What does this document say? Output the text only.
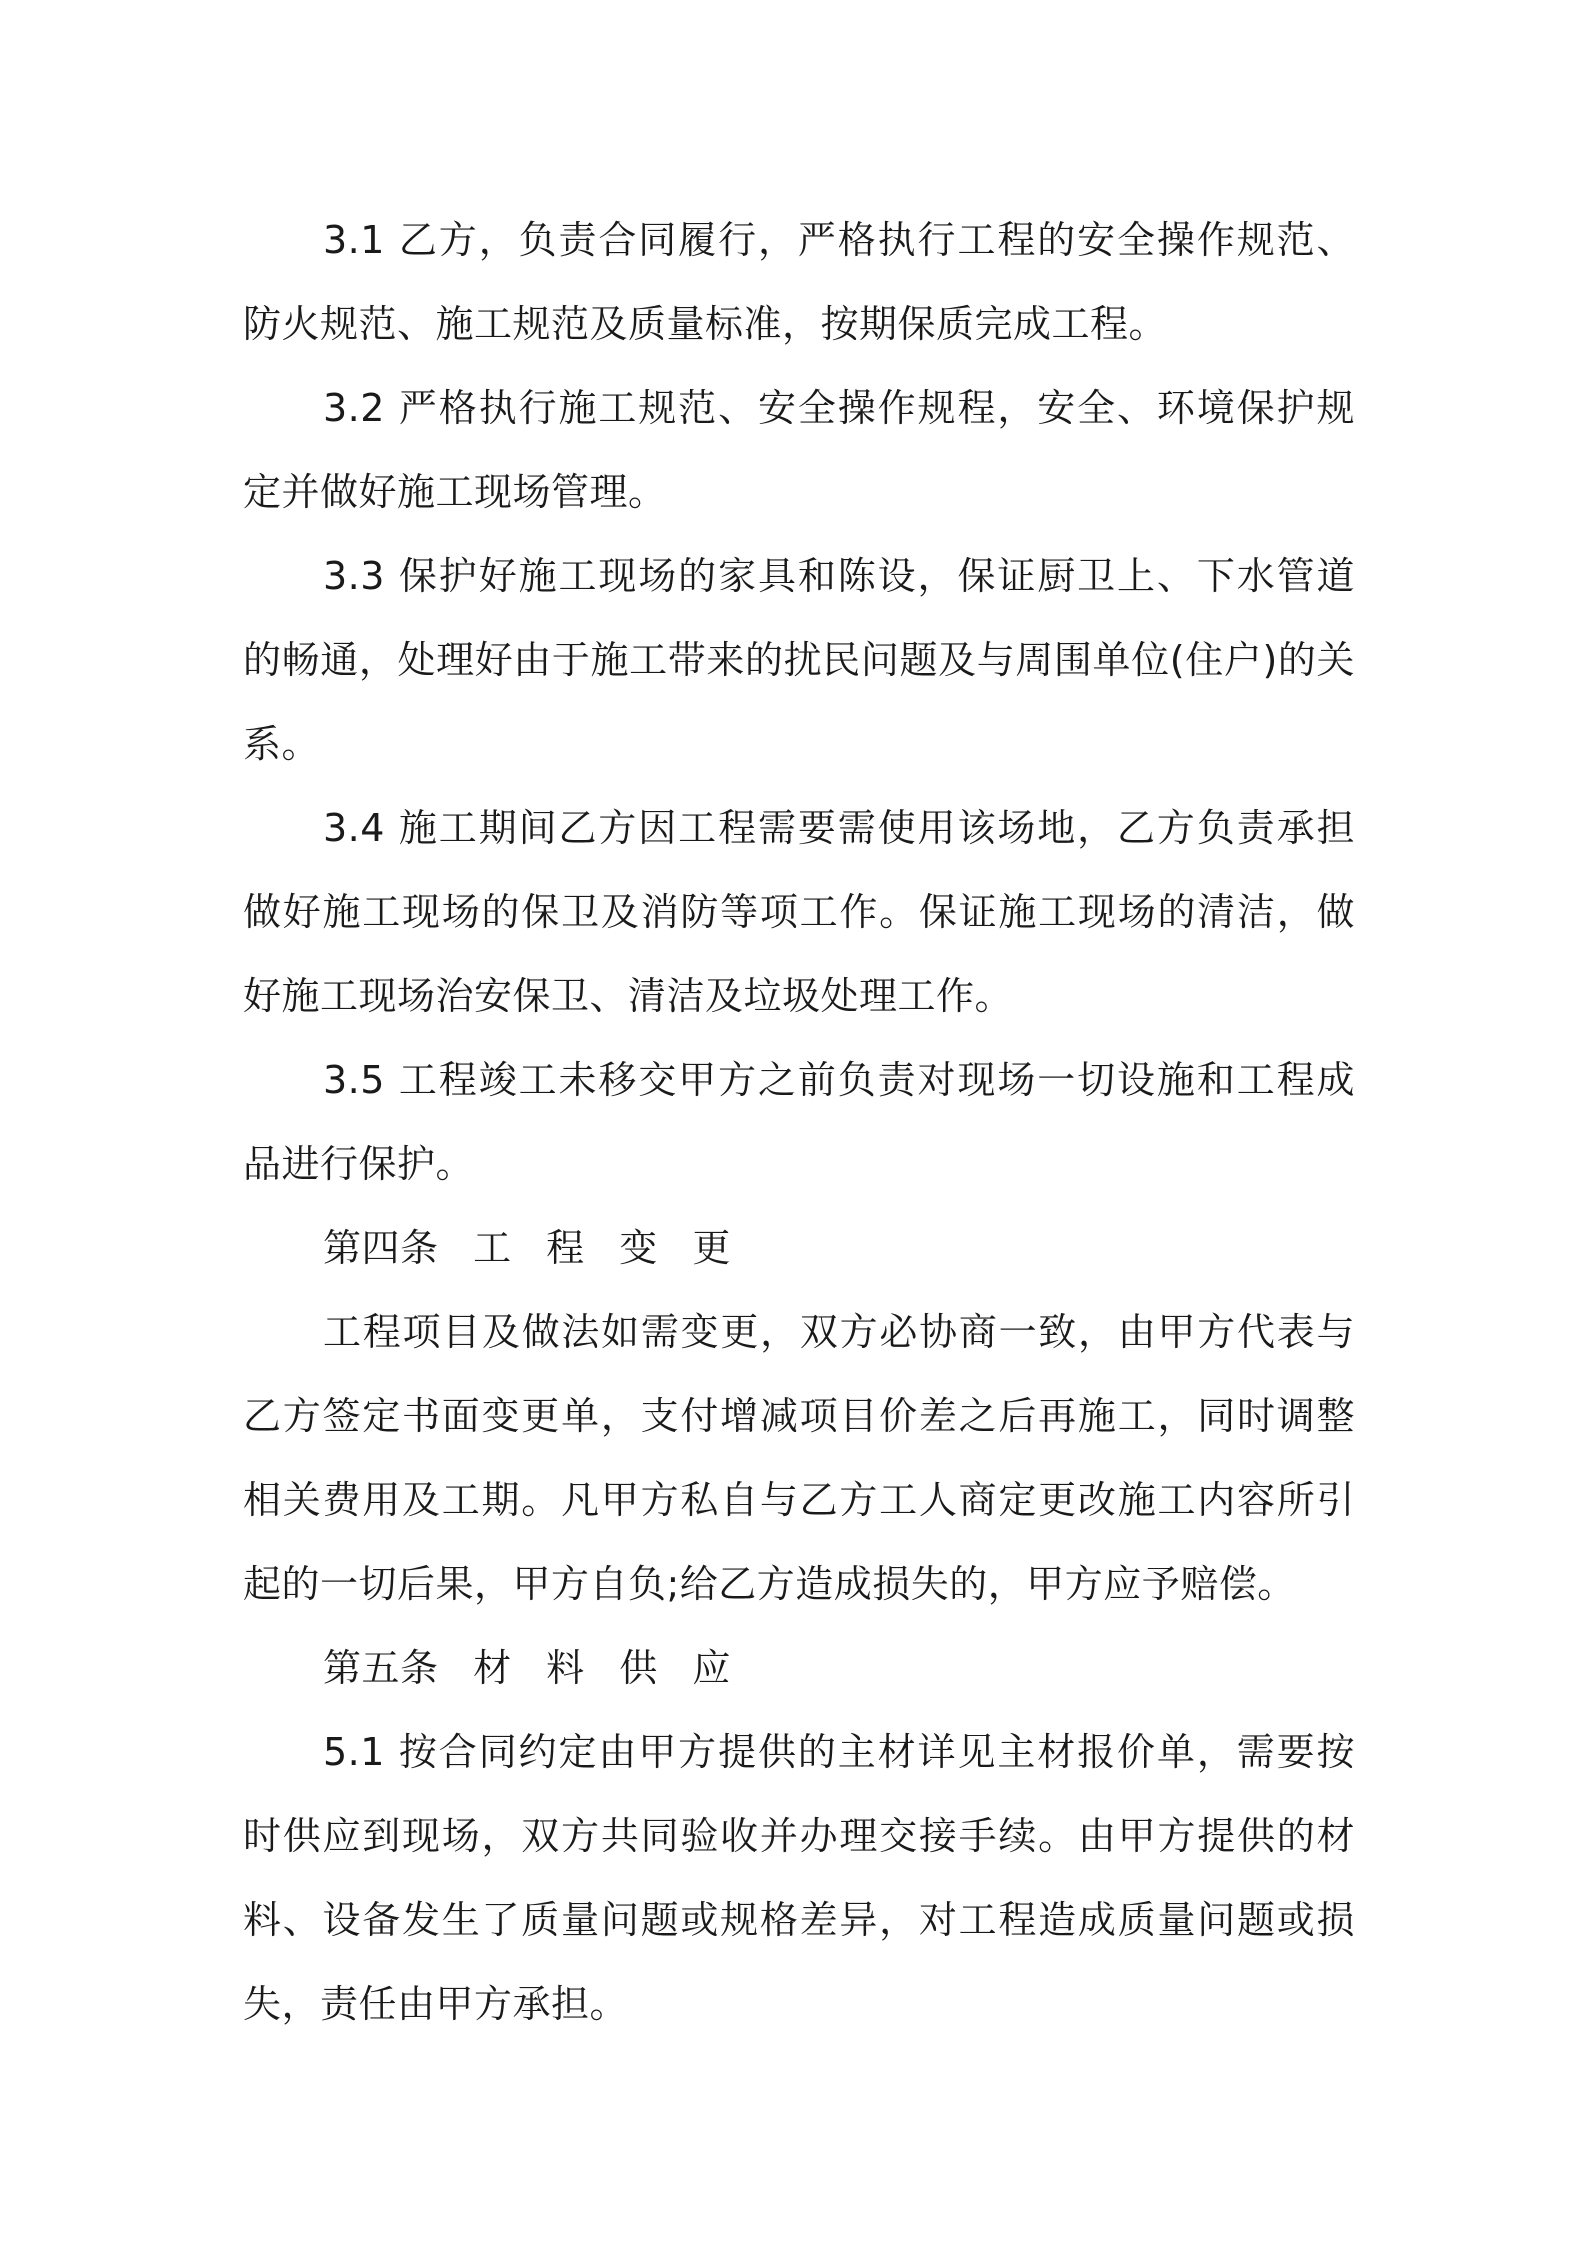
3.1 乙方，负责合同履行，严格执行工程的安全操作规范、防火规范、施工规范及质量标准，按期保质完成工程。

3.2 严格执行施工规范、安全操作规程，安全、环境保护规定并做好施工现场管理。

3.3 保护好施工现场的家具和陈设，保证厨卫上、下水管道的畅通，处理好由于施工带来的扰民问题及与周围单位(住户)的关系。

3.4 施工期间乙方因工程需要需使用该场地，乙方负责承担做好施工现场的保卫及消防等项工作。保证施工现场的清洁，做好施工现场治安保卫、清洁及垃圾处理工作。

3.5 工程竣工未移交甲方之前负责对现场一切设施和工程成品进行保护。

第四条 工 程 变 更

工程项目及做法如需变更，双方必协商一致，由甲方代表与乙方签定书面变更单，支付增减项目价差之后再施工，同时调整相关费用及工期。凡甲方私自与乙方工人商定更改施工内容所引起的一切后果，甲方自负;给乙方造成损失的，甲方应予赔偿。

第五条 材 料 供 应

5.1 按合同约定由甲方提供的主材详见主材报价单，需要按时供应到现场，双方共同验收并办理交接手续。由甲方提供的材料、设备发生了质量问题或规格差异，对工程造成质量问题或损失，责任由甲方承担。
